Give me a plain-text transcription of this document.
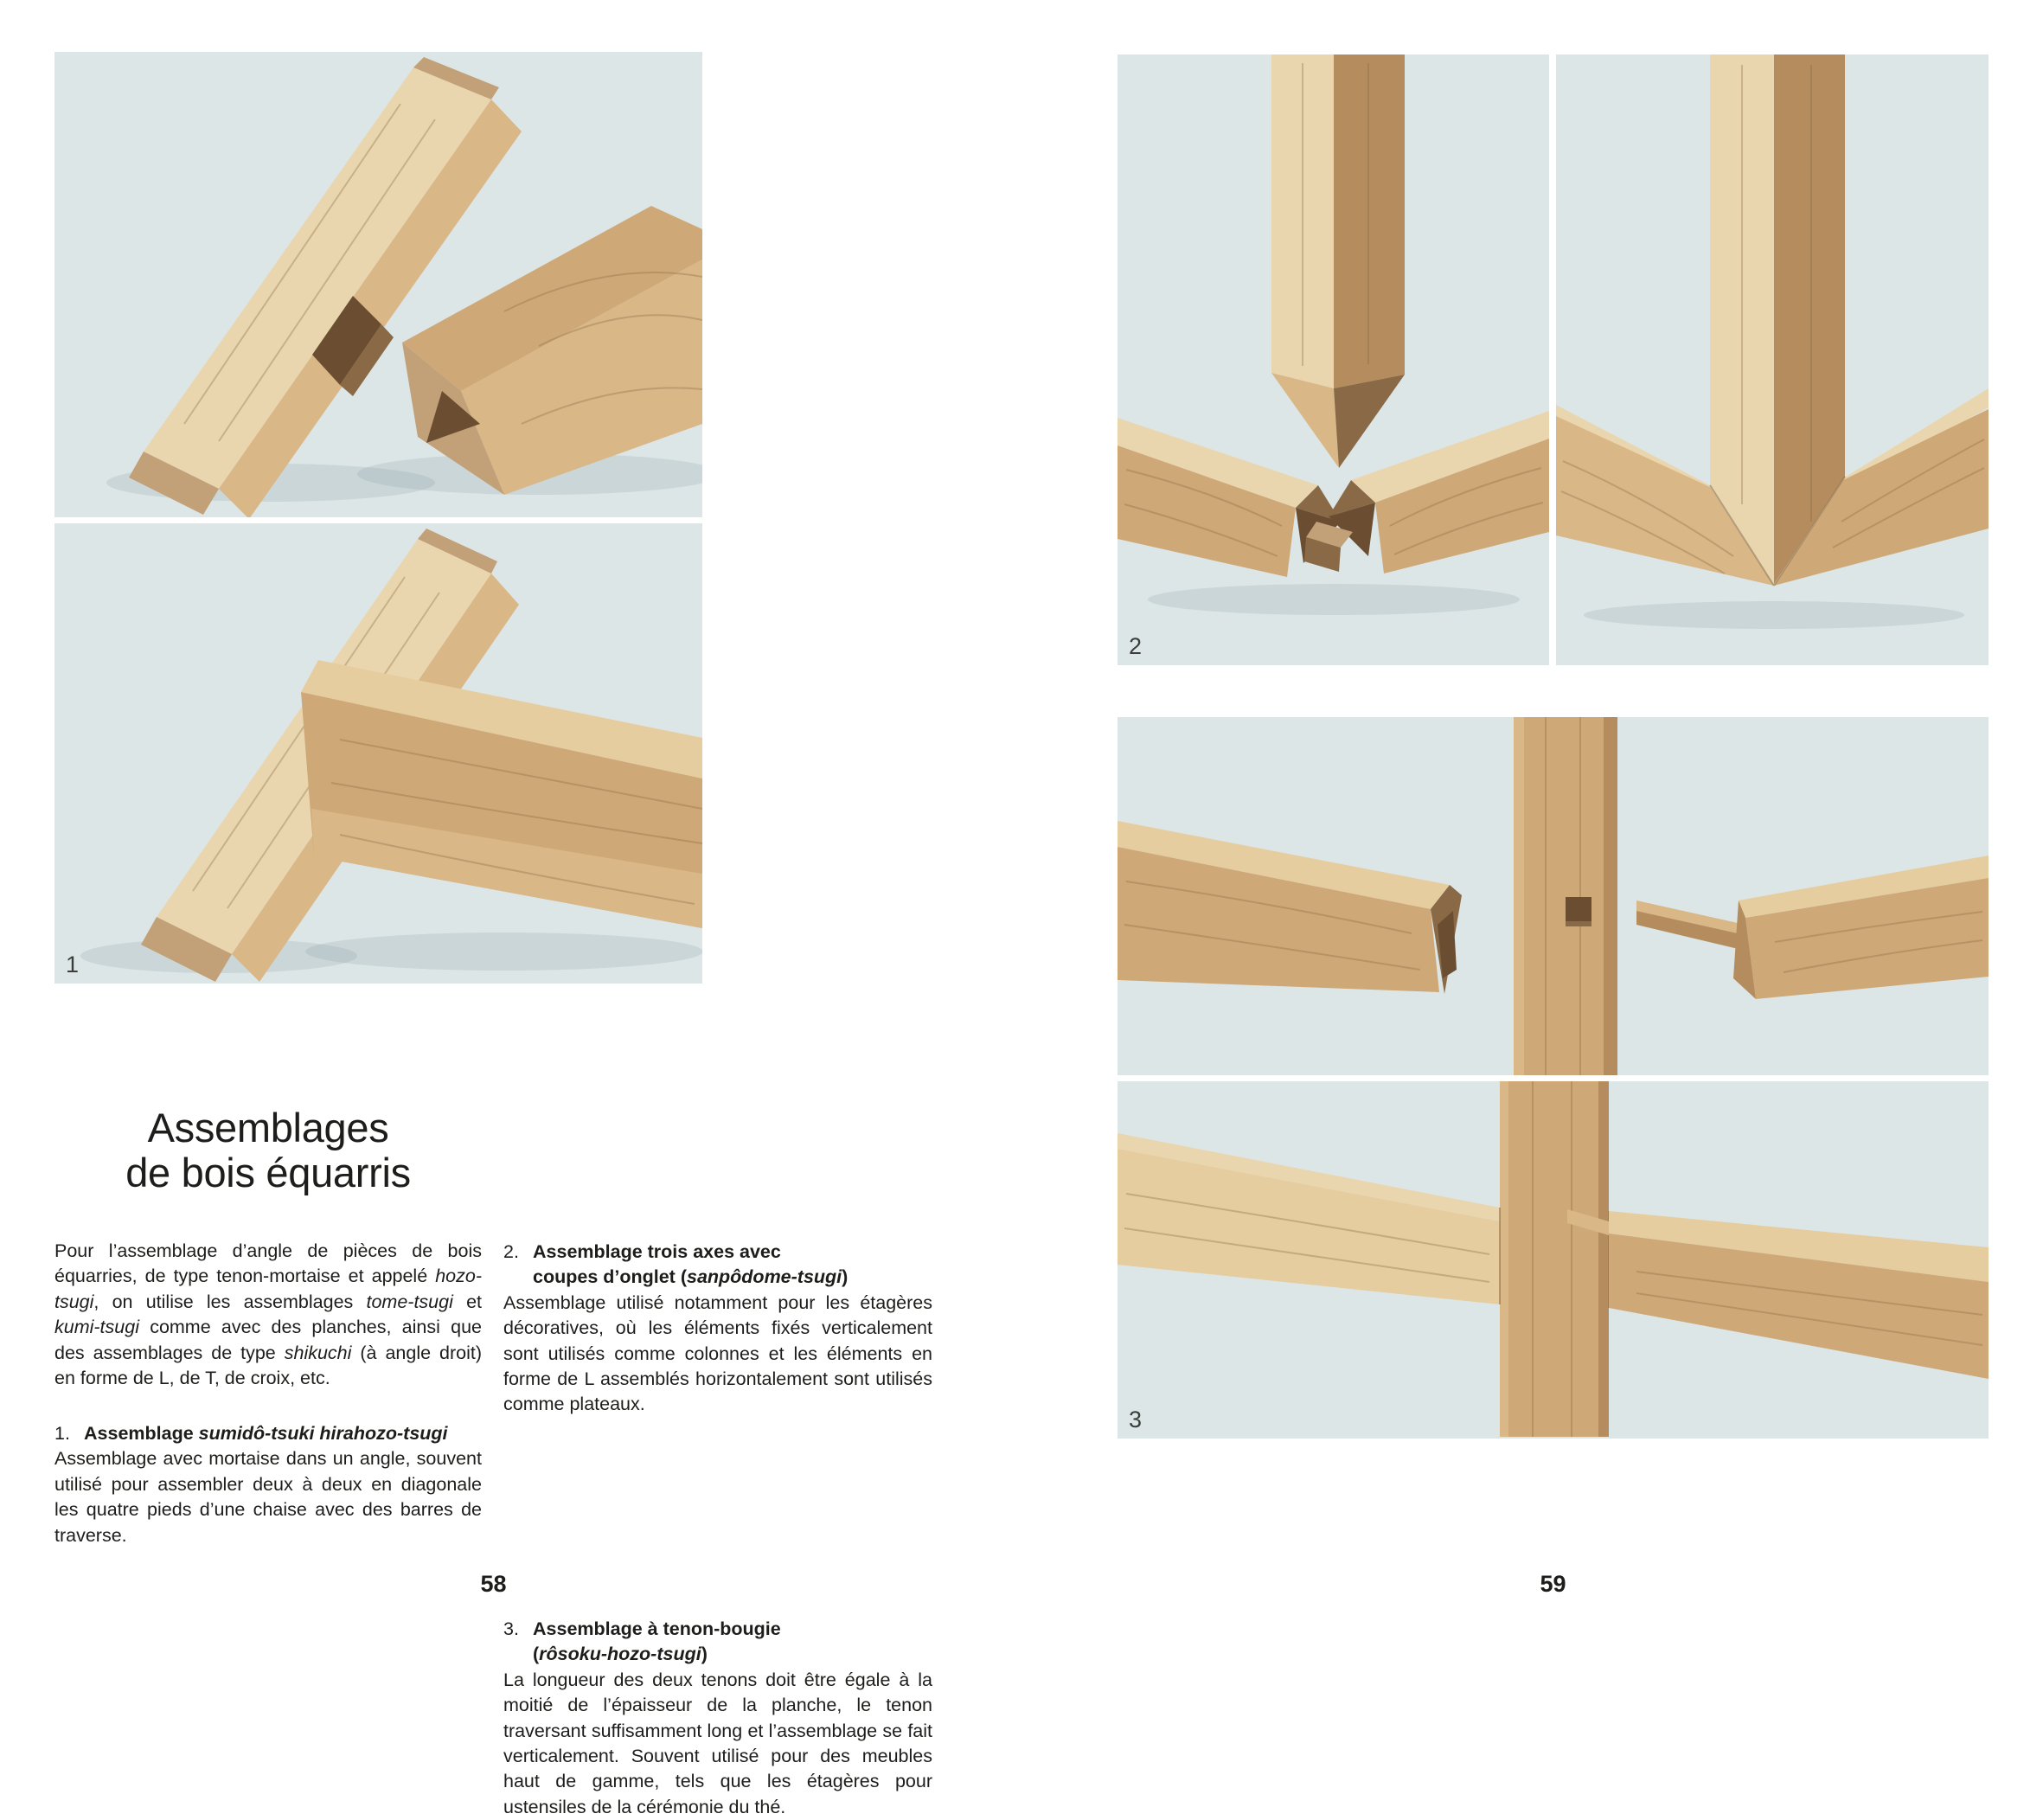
1
Assemblages
de bois équarris

Pour l’assemblage d’angle de pièces de bois équarries, de type tenon-mortaise et appelé hozo-tsugi, on utilise les assemblages tome-tsugi et kumi-tsugi comme avec des planches, ainsi que des assemblages de type shikuchi (à angle droit) en forme de L, de T, de croix, etc.

1. Assemblage sumidô-tsuki hirahozo-tsugi

Assemblage avec mortaise dans un angle, souvent utilisé pour assembler deux à deux en diagonale les quatre pieds d’une chaise avec des barres de traverse.

2. Assemblage trois axes avec
coupes d’onglet (sanpôdome-tsugi)

Assemblage utilisé notamment pour les étagères décoratives, où les éléments fixés verticalement sont utilisés comme colonnes et les éléments en forme de L assemblés horizontalement sont utilisés comme plateaux.

3. Assemblage à tenon-bougie
(rôsoku-hozo-tsugi)

La longueur des deux tenons doit être égale à la moitié de l’épaisseur de la planche, le tenon traversant suffisamment long et l’assemblage se fait verticalement. Souvent utilisé pour des meubles haut de gamme, tels que les étagères pour ustensiles de la cérémonie du thé.

58
2
3
59
